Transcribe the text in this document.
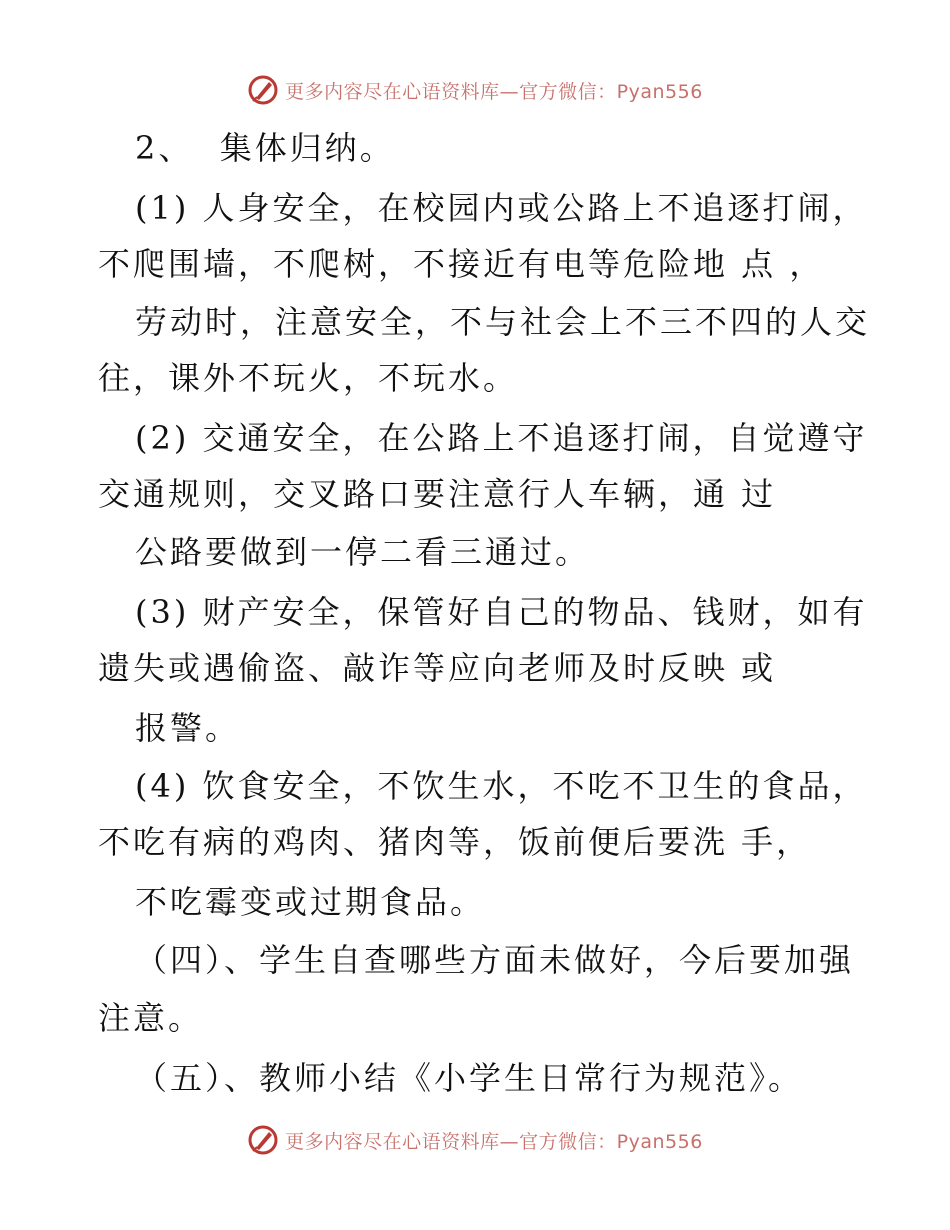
更多内容尽在心语资料库—官方微信：Pyan556
2、  集体归纳。
(1) 人身安全，在校园内或公路上不追逐打闹，
不爬围墙，不爬树，不接近有电等危险地 点 ，
劳动时，注意安全，不与社会上不三不四的人交
往，课外不玩火，不玩水。
(2) 交通安全，在公路上不追逐打闹，自觉遵守
交通规则，交叉路口要注意行人车辆，通 过
公路要做到一停二看三通过。
(3) 财产安全，保管好自己的物品、钱财，如有
遗失或遇偷盗、敲诈等应向老师及时反映 或
报警。
(4) 饮食安全，不饮生水，不吃不卫生的食品，
不吃有病的鸡肉、猪肉等，饭前便后要洗 手，
不吃霉变或过期食品。
（四）、学生自查哪些方面未做好，今后要加强
注意。
（五）、教师小结《小学生日常行为规范》。
更多内容尽在心语资料库—官方微信：Pyan556
